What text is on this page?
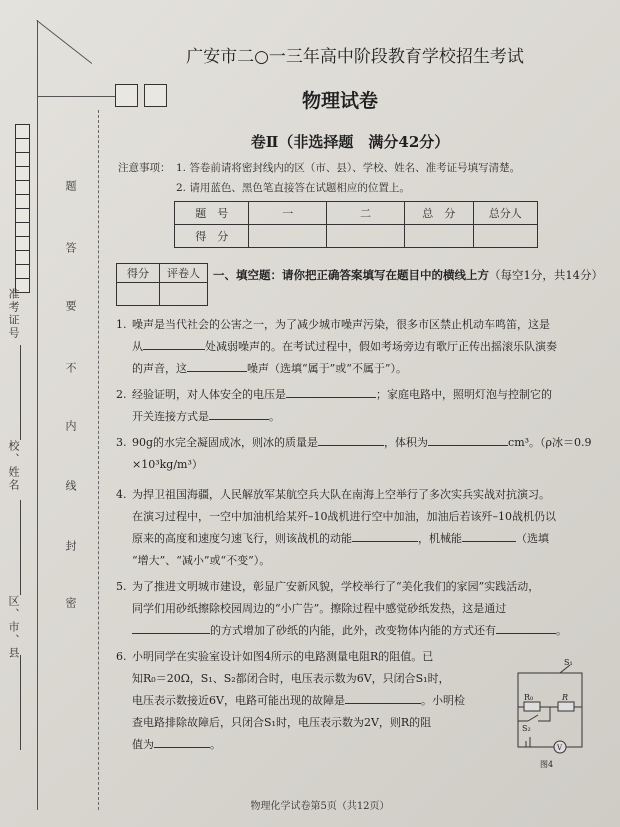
准考证号
校、姓名
区、市、县
题
答
要
不
内
线
封
密
广安市二○一三年高中阶段教育学校招生考试
物理试卷
卷Ⅱ（非选择题　满分42分）
注意事项： 1. 答卷前请将密封线内的区（市、县）、学校、姓名、准考证号填写清楚。
2. 请用蓝色、黑色笔直接答在试题相应的位置上。
题　号	一	二	总　分	总分人
得　分				
得分	评卷人
	一、填空题：请你把正确答案填写在题目中的横线上方（每空1分，共14分）
1. 噪声是当代社会的公害之一，为了减少城市噪声污染，很多市区禁止机动车鸣笛，这是
从	处减弱噪声的。在考试过程中，假如考场旁边有歌厅正传出摇滚乐队演奏
的声音，这	噪声（选填“属于”或“不属于”）。
2. 经验证明，对人体安全的电压是	；家庭电路中，照明灯泡与控制它的
开关连接方式是	。
3. 90g的水完全凝固成冰，则冰的质量是	，体积为	cm³。（ρ冰＝0.9
×10³kg/m³）
4. 为捍卫祖国海疆，人民解放军某航空兵大队在南海上空举行了多次实兵实战对抗演习。
在演习过程中，一空中加油机给某歼–10战机进行空中加油，加油后若该歼–10战机仍以
原来的高度和速度匀速飞行，则该战机的动能	，机械能	（选填
“增大”、“减小”或“不变”）。
5. 为了推进文明城市建设，彰显广安新风貌，学校举行了“美化我们的家园”实践活动，
同学们用砂纸擦除校园周边的“小广告”。擦除过程中感觉砂纸发热，这是通过
的方式增加了砂纸的内能，此外，改变物体内能的方式还有	。
6. 小明同学在实验室设计如图4所示的电路测量电阻R的阻值。已
知R₀＝20Ω，S₁、S₂都闭合时，电压表示数为6V，只闭合S₁时，
电压表示数接近6V，电路可能出现的故障是	。小明检
查电路排除故障后，只闭合S₁时，电压表示数为2V，则R的阻
值为	。
S₁
R₀	R
S₂
V
图4
物理化学试卷第5页（共12页）
